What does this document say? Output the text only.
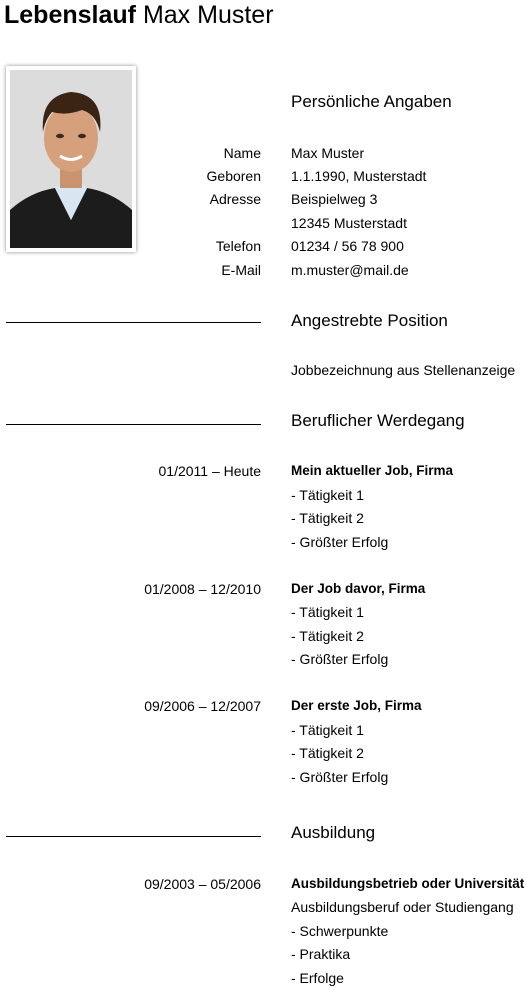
Lebenslauf Max Muster
Persönliche Angaben
Name Max Muster
Geboren 1.1.1990, Musterstadt
Adresse Beispielweg 3
12345 Musterstadt
Telefon 01234 / 56 78 900
E-Mail m.muster@mail.de
Angestrebte Position
Jobbezeichnung aus Stellenanzeige
Beruflicher Werdegang
01/2011 – Heute Mein aktueller Job, Firma
- Tätigkeit 1
- Tätigkeit 2
- Größter Erfolg
01/2008 – 12/2010 Der Job davor, Firma
- Tätigkeit 1
- Tätigkeit 2
- Größter Erfolg
09/2006 – 12/2007 Der erste Job, Firma
- Tätigkeit 1
- Tätigkeit 2
- Größter Erfolg
Ausbildung
09/2003 – 05/2006 Ausbildungsbetrieb oder Universität
Ausbildungsberuf oder Studiengang
- Schwerpunkte
- Praktika
- Erfolge
